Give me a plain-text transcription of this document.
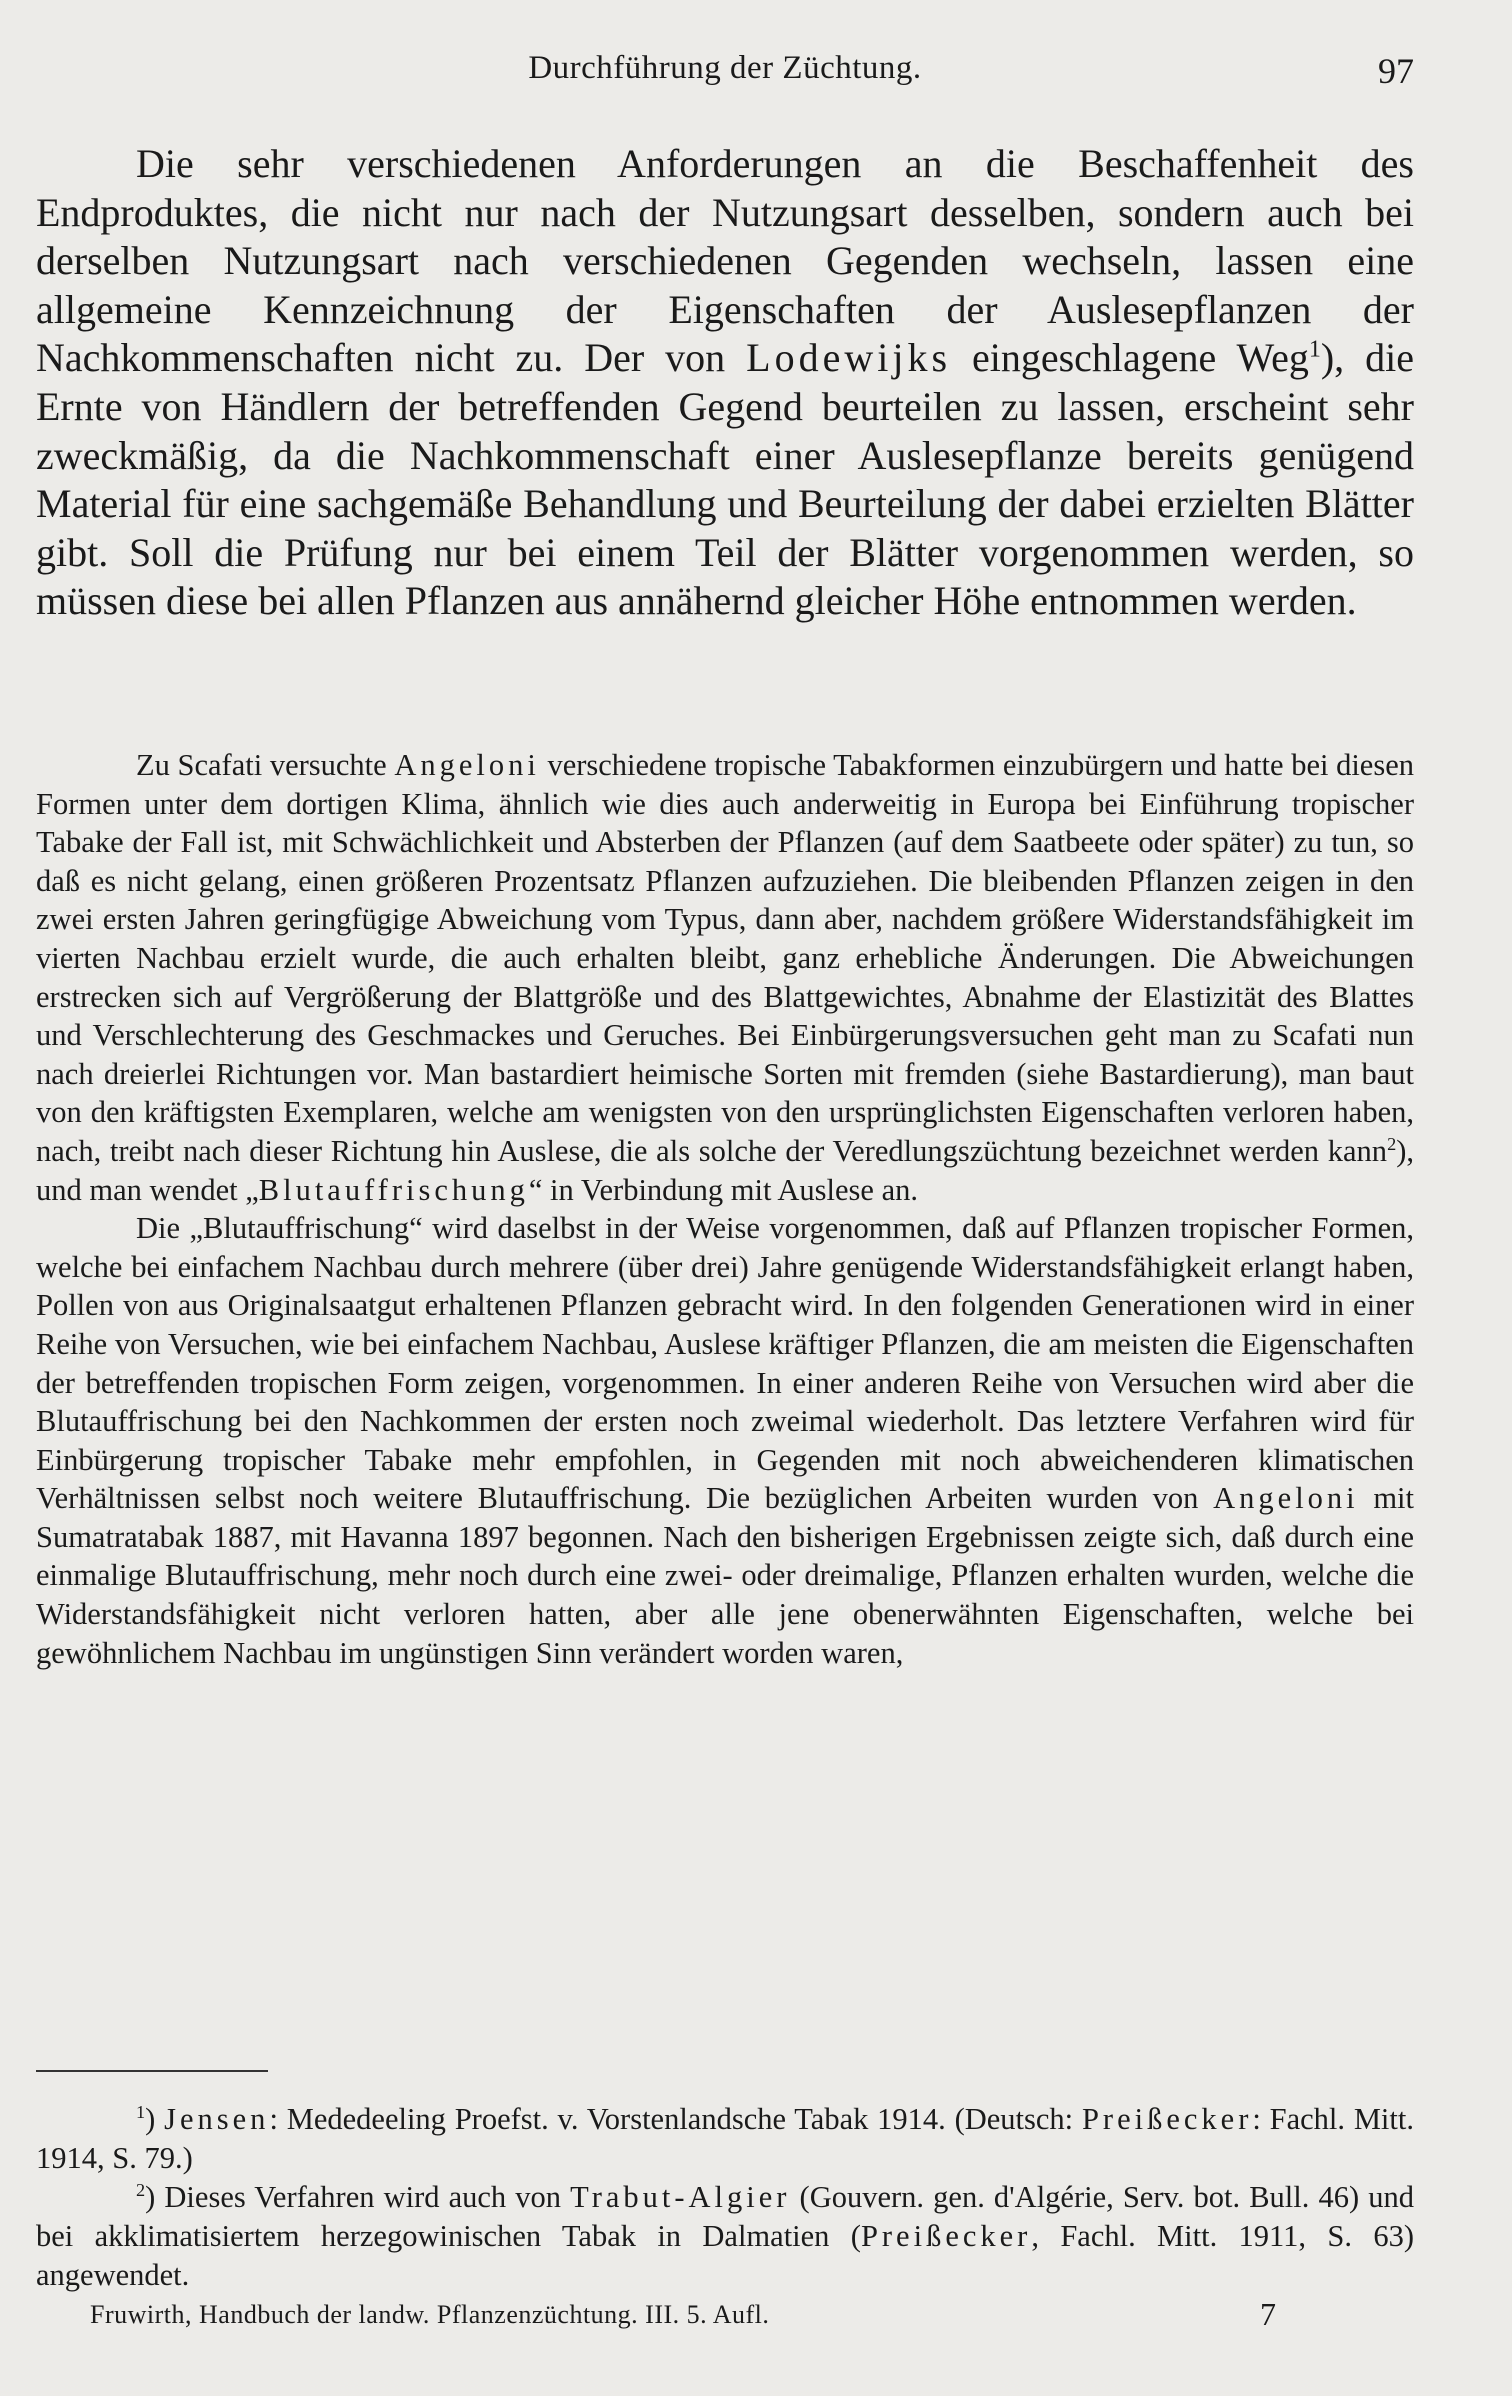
Durchführung der Züchtung.	97

Die sehr verschiedenen Anforderungen an die Beschaffenheit des Endproduktes, die nicht nur nach der Nutzungsart desselben, sondern auch bei derselben Nutzungsart nach verschiedenen Gegenden wechseln, lassen eine allgemeine Kennzeichnung der Eigenschaften der Auslesepflanzen der Nachkommenschaften nicht zu. Der von Lodewijks eingeschlagene Weg$^1$), die Ernte von Händlern der betreffenden Gegend beurteilen zu lassen, erscheint sehr zweckmäßig, da die Nachkommenschaft einer Auslesepflanze bereits genügend Material für eine sachgemäße Behandlung und Beurteilung der dabei erzielten Blätter gibt. Soll die Prüfung nur bei einem Teil der Blätter vorgenommen werden, so müssen diese bei allen Pflanzen aus annähernd gleicher Höhe entnommen werden.

Zu Scafati versuchte Angeloni verschiedene tropische Tabakformen einzubürgern und hatte bei diesen Formen unter dem dortigen Klima, ähnlich wie dies auch anderweitig in Europa bei Einführung tropischer Tabake der Fall ist, mit Schwächlichkeit und Absterben der Pflanzen (auf dem Saatbeete oder später) zu tun, so daß es nicht gelang, einen größeren Prozentsatz Pflanzen aufzuziehen. Die bleibenden Pflanzen zeigen in den zwei ersten Jahren geringfügige Abweichung vom Typus, dann aber, nachdem größere Widerstandsfähigkeit im vierten Nachbau erzielt wurde, die auch erhalten bleibt, ganz erhebliche Änderungen. Die Abweichungen erstrecken sich auf Vergrößerung der Blattgröße und des Blattgewichtes, Abnahme der Elastizität des Blattes und Verschlechterung des Geschmackes und Geruches. Bei Einbürgerungsversuchen geht man zu Scafati nun nach dreierlei Richtungen vor. Man bastardiert heimische Sorten mit fremden (siehe Bastardierung), man baut von den kräftigsten Exemplaren, welche am wenigsten von den ursprünglichsten Eigenschaften verloren haben, nach, treibt nach dieser Richtung hin Auslese, die als solche der Veredlungszüchtung bezeichnet werden kann$^2$), und man wendet „Blutauffrischung“ in Verbindung mit Auslese an.

Die „Blutauffrischung“ wird daselbst in der Weise vorgenommen, daß auf Pflanzen tropischer Formen, welche bei einfachem Nachbau durch mehrere (über drei) Jahre genügende Widerstandsfähigkeit erlangt haben, Pollen von aus Originalsaatgut erhaltenen Pflanzen gebracht wird. In den folgenden Generationen wird in einer Reihe von Versuchen, wie bei einfachem Nachbau, Auslese kräftiger Pflanzen, die am meisten die Eigenschaften der betreffenden tropischen Form zeigen, vorgenommen. In einer anderen Reihe von Versuchen wird aber die Blutauffrischung bei den Nachkommen der ersten noch zweimal wiederholt. Das letztere Verfahren wird für Einbürgerung tropischer Tabake mehr empfohlen, in Gegenden mit noch abweichenderen klimatischen Verhältnissen selbst noch weitere Blutauffrischung. Die bezüglichen Arbeiten wurden von Angeloni mit Sumatratabak 1887, mit Havanna 1897 begonnen. Nach den bisherigen Ergebnissen zeigte sich, daß durch eine einmalige Blutauffrischung, mehr noch durch eine zwei- oder dreimalige, Pflanzen erhalten wurden, welche die Widerstandsfähigkeit nicht verloren hatten, aber alle jene obenerwähnten Eigenschaften, welche bei gewöhnlichem Nachbau im ungünstigen Sinn verändert worden waren,

$^1$) Jensen: Mededeeling Proefst. v. Vorstenlandsche Tabak 1914. (Deutsch: Preißecker: Fachl. Mitt. 1914, S. 79.)

$^2$) Dieses Verfahren wird auch von Trabut-Algier (Gouvern. gen. d'Algérie, Serv. bot. Bull. 46) und bei akklimatisiertem herzegowinischen Tabak in Dalmatien (Preißecker, Fachl. Mitt. 1911, S. 63) angewendet.

Fruwirth, Handbuch der landw. Pflanzenzüchtung. III. 5. Aufl.	7
